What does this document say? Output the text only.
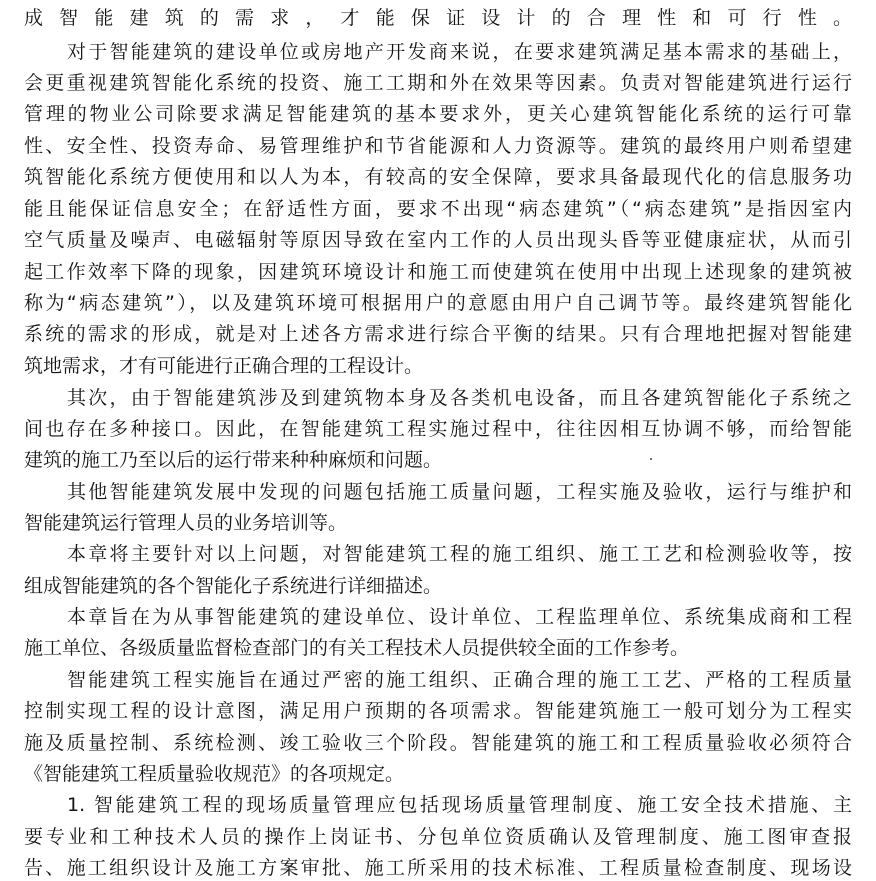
成智能建筑的需求，才能保证设计的合理性和可行性。
对于智能建筑的建设单位或房地产开发商来说，在要求建筑满足基本需求的基础上，
会更重视建筑智能化系统的投资、施工工期和外在效果等因素。负责对智能建筑进行运行
管理的物业公司除要求满足智能建筑的基本要求外，更关心建筑智能化系统的运行可靠
性、安全性、投资寿命、易管理维护和节省能源和人力资源等。建筑的最终用户则希望建
筑智能化系统方便使用和以人为本，有较高的安全保障，要求具备最现代化的信息服务功
能且能保证信息安全；在舒适性方面，要求不出现“病态建筑”（“病态建筑”是指因室内
空气质量及噪声、电磁辐射等原因导致在室内工作的人员出现头昏等亚健康症状，从而引
起工作效率下降的现象，因建筑环境设计和施工而使建筑在使用中出现上述现象的建筑被
称为“病态建筑”），以及建筑环境可根据用户的意愿由用户自己调节等。最终建筑智能化
系统的需求的形成，就是对上述各方需求进行综合平衡的结果。只有合理地把握对智能建
筑地需求，才有可能进行正确合理的工程设计。
其次，由于智能建筑涉及到建筑物本身及各类机电设备，而且各建筑智能化子系统之
间也存在多种接口。因此，在智能建筑工程实施过程中，往往因相互协调不够，而给智能
建筑的施工乃至以后的运行带来种种麻烦和问题。
其他智能建筑发展中发现的问题包括施工质量问题，工程实施及验收，运行与维护和
智能建筑运行管理人员的业务培训等。
本章将主要针对以上问题，对智能建筑工程的施工组织、施工工艺和检测验收等，按
组成智能建筑的各个智能化子系统进行详细描述。
本章旨在为从事智能建筑的建设单位、设计单位、工程监理单位、系统集成商和工程
施工单位、各级质量监督检查部门的有关工程技术人员提供较全面的工作参考。
智能建筑工程实施旨在通过严密的施工组织、正确合理的施工工艺、严格的工程质量
控制实现工程的设计意图，满足用户预期的各项需求。智能建筑施工一般可划分为工程实
施及质量控制、系统检测、竣工验收三个阶段。智能建筑的施工和工程质量验收必须符合
《智能建筑工程质量验收规范》的各项规定。
1. 智能建筑工程的现场质量管理应包括现场质量管理制度、施工安全技术措施、主
要专业和工种技术人员的操作上岗证书、分包单位资质确认及管理制度、施工图审查报
告、施工组织设计及施工方案审批、施工所采用的技术标准、工程质量检查制度、现场设
